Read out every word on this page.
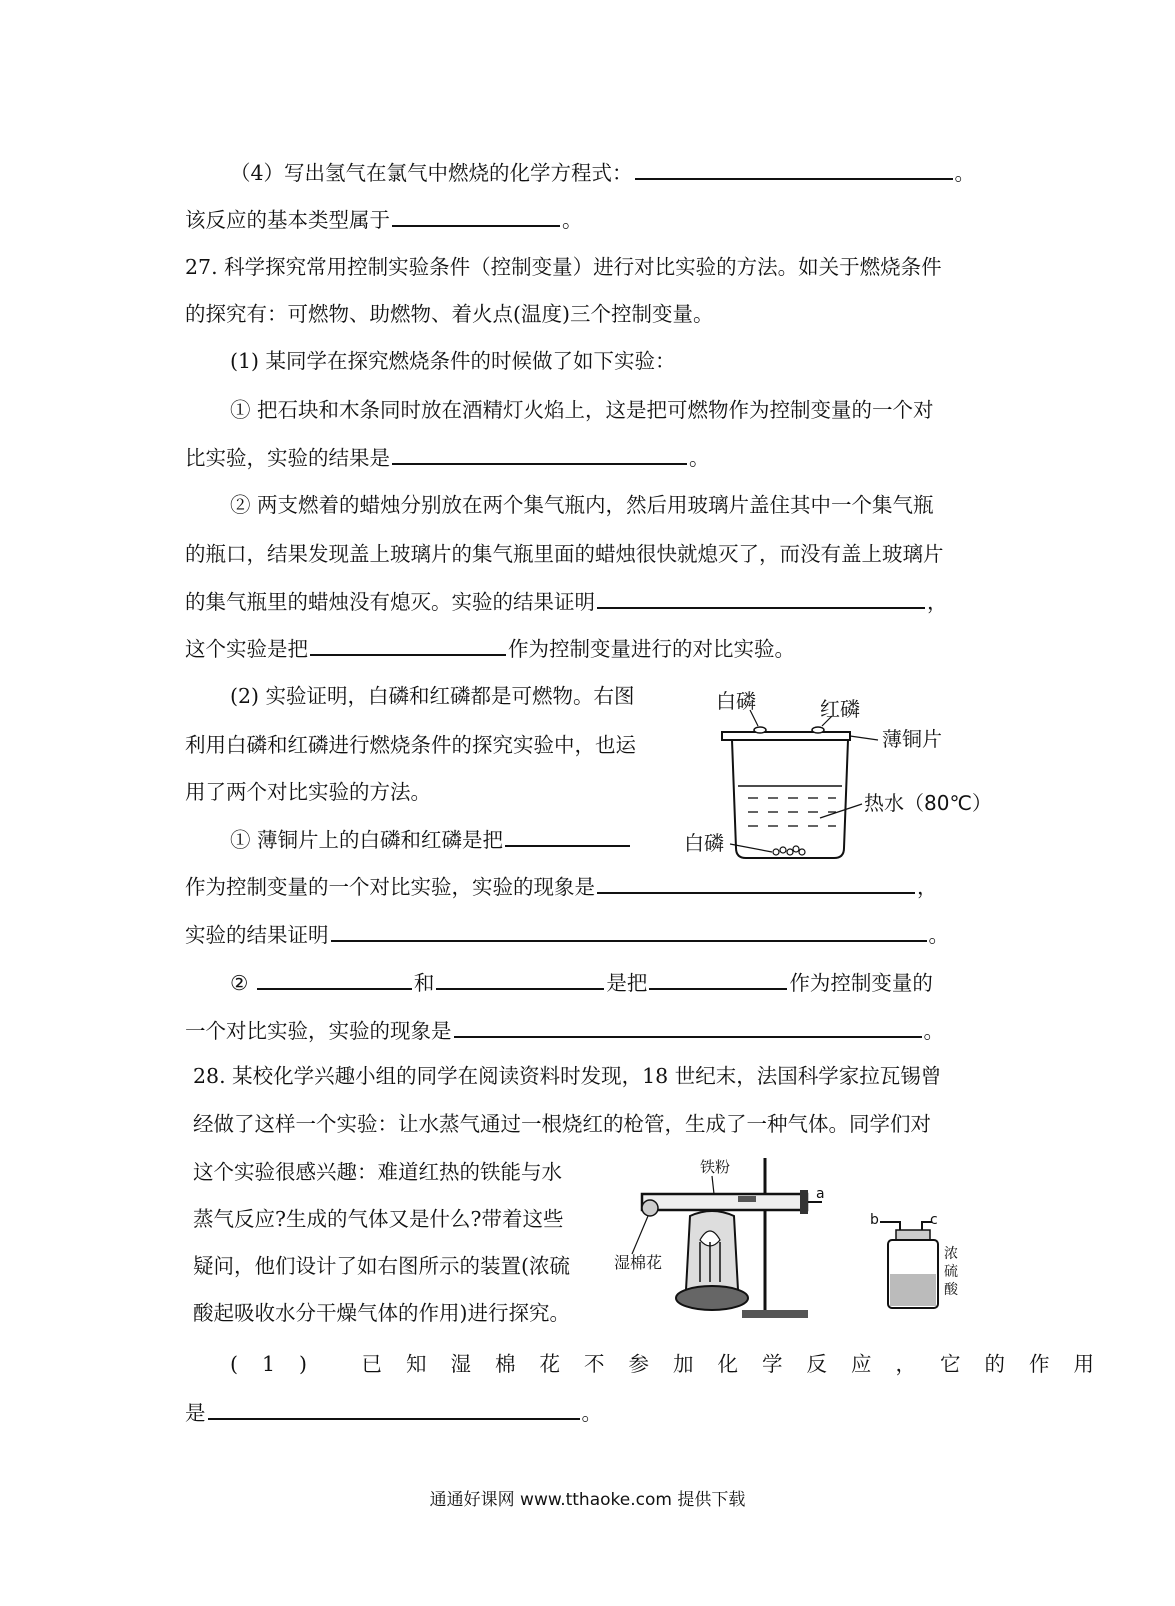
（4）写出氢气在氯气中燃烧的化学方程式：	。
该反应的基本类型属于	。
27. 科学探究常用控制实验条件（控制变量）进行对比实验的方法。如关于燃烧条件
的探究有：可燃物、助燃物、着火点(温度)三个控制变量。
(1) 某同学在探究燃烧条件的时候做了如下实验：
① 把石块和木条同时放在酒精灯火焰上，这是把可燃物作为控制变量的一个对
比实验，实验的结果是	。
② 两支燃着的蜡烛分别放在两个集气瓶内，然后用玻璃片盖住其中一个集气瓶
的瓶口，结果发现盖上玻璃片的集气瓶里面的蜡烛很快就熄灭了，而没有盖上玻璃片
的集气瓶里的蜡烛没有熄灭。实验的结果证明	，
这个实验是把	作为控制变量进行的对比实验。
(2) 实验证明，白磷和红磷都是可燃物。右图
利用白磷和红磷进行燃烧条件的探究实验中，也运
用了两个对比实验的方法。
① 薄铜片上的白磷和红磷是把
作为控制变量的一个对比实验，实验的现象是	，
实验的结果证明	。
②	和	是把	作为控制变量的
一个对比实验，实验的现象是	。
白磷	红磷
薄铜片
热水（80℃）
白磷
28. 某校化学兴趣小组的同学在阅读资料时发现，18 世纪末，法国科学家拉瓦锡曾
经做了这样一个实验：让水蒸气通过一根烧红的枪管，生成了一种气体。同学们对
这个实验很感兴趣：难道红热的铁能与水
蒸气反应?生成的气体又是什么?带着这些
疑问，他们设计了如右图所示的装置(浓硫
酸起吸收水分干燥气体的作用)进行探究。
(1) 已知湿棉花不参加化学反应，它的作用
是	。
a
湿棉花
铁粉
b	c
浓 硫 酸
通通好课网 www.tthaoke.com 提供下载
